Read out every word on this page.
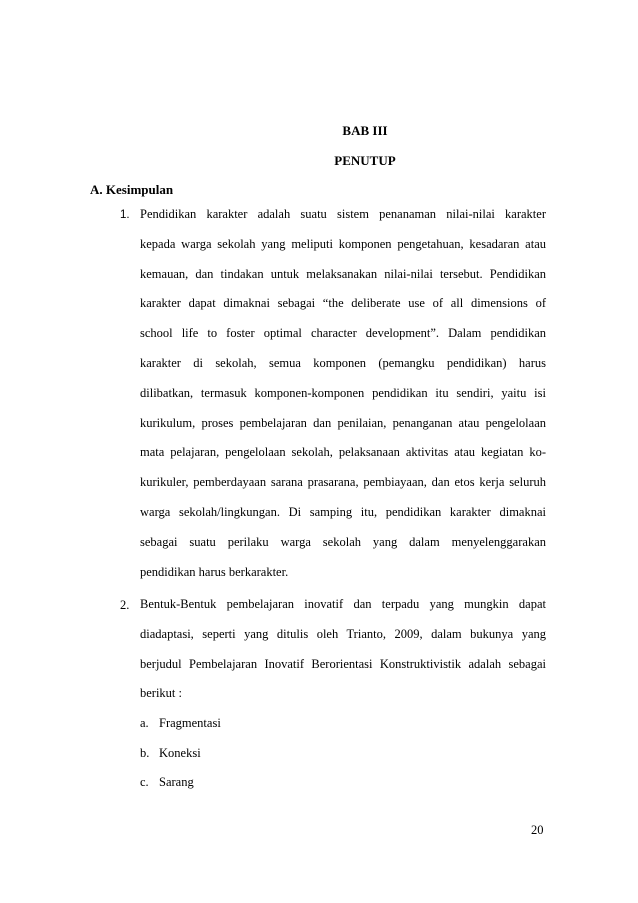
BAB III
PENUTUP
A. Kesimpulan
1. Pendidikan karakter adalah suatu sistem penanaman nilai-nilai karakter
kepada warga sekolah yang meliputi komponen pengetahuan, kesadaran atau
kemauan, dan tindakan untuk melaksanakan nilai-nilai tersebut. Pendidikan
karakter dapat dimaknai sebagai “the deliberate use of all dimensions of
school life to foster optimal character development”. Dalam pendidikan
karakter di sekolah, semua komponen (pemangku pendidikan) harus
dilibatkan, termasuk komponen-komponen pendidikan itu sendiri, yaitu isi
kurikulum, proses pembelajaran dan penilaian, penanganan atau pengelolaan
mata pelajaran, pengelolaan sekolah, pelaksanaan aktivitas atau kegiatan ko-
kurikuler, pemberdayaan sarana prasarana, pembiayaan, dan etos kerja seluruh
warga sekolah/lingkungan. Di samping itu, pendidikan karakter dimaknai
sebagai suatu perilaku warga sekolah yang dalam menyelenggarakan
pendidikan harus berkarakter.
2. Bentuk-Bentuk pembelajaran inovatif dan terpadu yang mungkin dapat
diadaptasi, seperti yang ditulis oleh Trianto, 2009, dalam bukunya yang
berjudul Pembelajaran Inovatif Berorientasi Konstruktivistik adalah sebagai
berikut :
a. Fragmentasi
b. Koneksi
c. Sarang
20
